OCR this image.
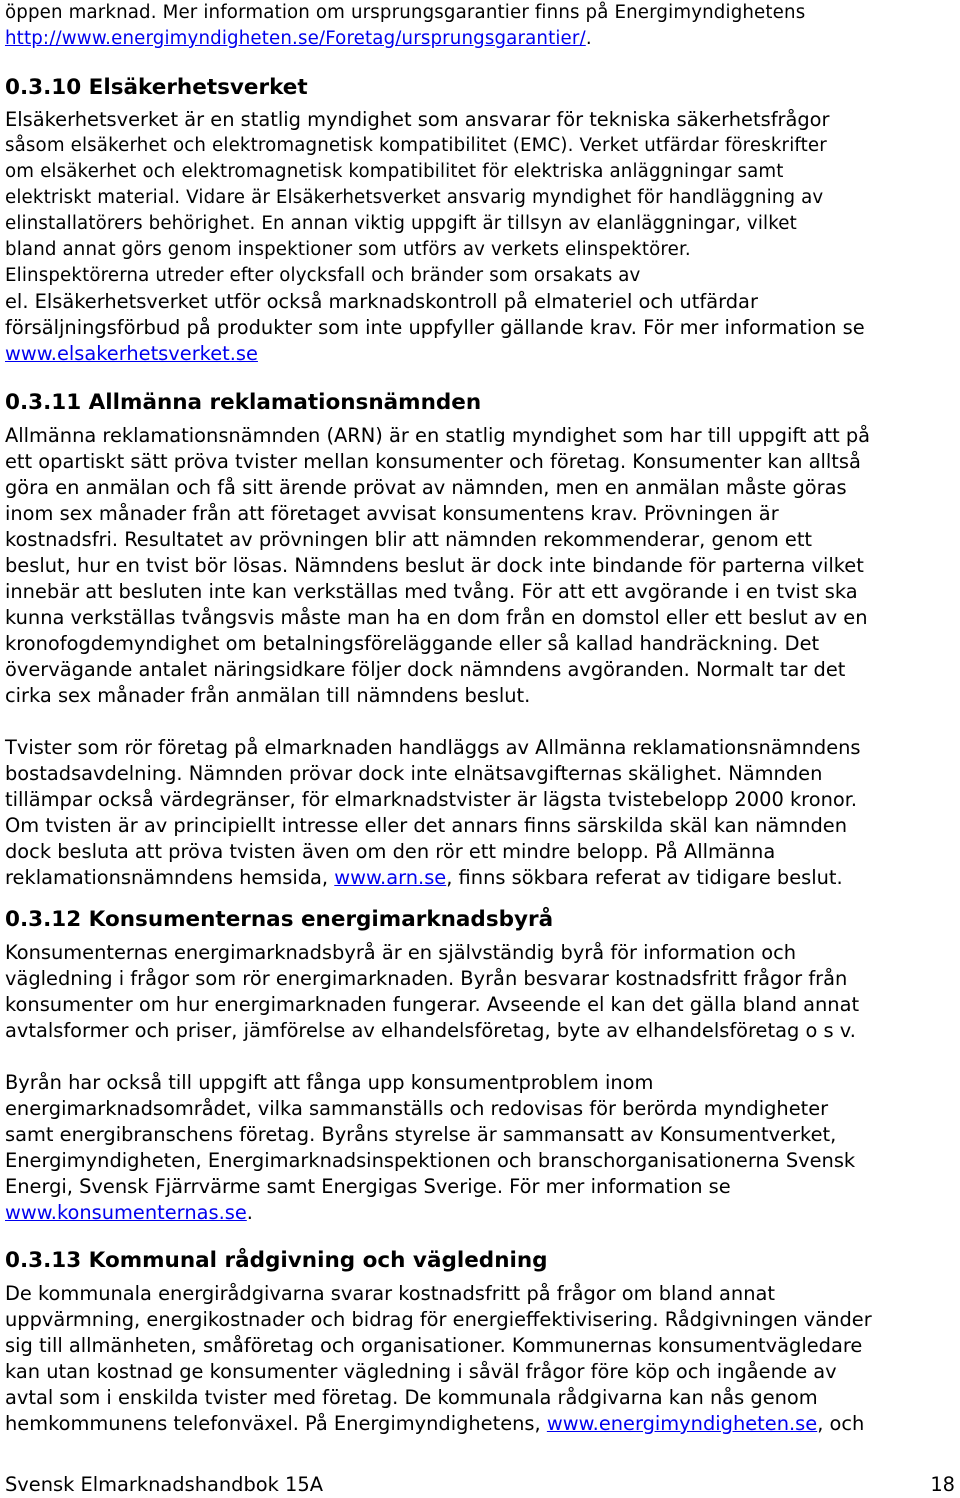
öppen marknad. Mer information om ursprungsgarantier finns på Energimyndighetens

http://www.energimyndigheten.se/Foretag/ursprungsgarantier/.

0.3.10 Elsäkerhetsverket

Elsäkerhetsverket är en statlig myndighet som ansvarar för tekniska säkerhetsfrågor

såsom elsäkerhet och elektromagnetisk kompatibilitet (EMC). Verket utfärdar föreskrifter

om elsäkerhet och elektromagnetisk kompatibilitet för elektriska anläggningar samt

elektriskt material. Vidare är Elsäkerhetsverket ansvarig myndighet för handläggning av

elinstallatörers behörighet. En annan viktig uppgift är tillsyn av elanläggningar, vilket

bland annat görs genom inspektioner som utförs av verkets elinspektörer.

Elinspektörerna utreder efter olycksfall och bränder som orsakats av

el. Elsäkerhetsverket utför också marknadskontroll på elmateriel och utfärdar

försäljningsförbud på produkter som inte uppfyller gällande krav. För mer information se

www.elsakerhetsverket.se

0.3.11 Allmänna reklamationsnämnden

Allmänna reklamationsnämnden (ARN) är en statlig myndighet som har till uppgift att på

ett opartiskt sätt pröva tvister mellan konsumenter och företag. Konsumenter kan alltså

göra en anmälan och få sitt ärende prövat av nämnden, men en anmälan måste göras

inom sex månader från att företaget avvisat konsumentens krav. Prövningen är

kostnadsfri. Resultatet av prövningen blir att nämnden rekommenderar, genom ett

beslut, hur en tvist bör lösas. Nämndens beslut är dock inte bindande för parterna vilket

innebär att besluten inte kan verkställas med tvång. För att ett avgörande i en tvist ska

kunna verkställas tvångsvis måste man ha en dom från en domstol eller ett beslut av en

kronofogdemyndighet om betalningsföreläggande eller så kallad handräckning. Det

övervägande antalet näringsidkare följer dock nämndens avgöranden. Normalt tar det

cirka sex månader från anmälan till nämndens beslut.

Tvister som rör företag på elmarknaden handläggs av Allmänna reklamationsnämndens

bostadsavdelning. Nämnden prövar dock inte elnätsavgifternas skälighet. Nämnden

tillämpar också värdegränser, för elmarknadstvister är lägsta tvistebelopp 2000 kronor.

Om tvisten är av principiellt intresse eller det annars finns särskilda skäl kan nämnden

dock besluta att pröva tvisten även om den rör ett mindre belopp. På Allmänna

reklamationsnämndens hemsida, www.arn.se, finns sökbara referat av tidigare beslut.

0.3.12 Konsumenternas energimarknadsbyrå

Konsumenternas energimarknadsbyrå är en självständig byrå för information och

vägledning i frågor som rör energimarknaden. Byrån besvarar kostnadsfritt frågor från

konsumenter om hur energimarknaden fungerar. Avseende el kan det gälla bland annat

avtalsformer och priser, jämförelse av elhandelsföretag, byte av elhandelsföretag o s v.

Byrån har också till uppgift att fånga upp konsumentproblem inom

energimarknadsområdet, vilka sammanställs och redovisas för berörda myndigheter

samt energibranschens företag. Byråns styrelse är sammansatt av Konsumentverket,

Energimyndigheten, Energimarknadsinspektionen och branschorganisationerna Svensk

Energi, Svensk Fjärrvärme samt Energigas Sverige. För mer information se

www.konsumenternas.se.

0.3.13 Kommunal rådgivning och vägledning

De kommunala energirådgivarna svarar kostnadsfritt på frågor om bland annat

uppvärmning, energikostnader och bidrag för energieffektivisering. Rådgivningen vänder

sig till allmänheten, småföretag och organisationer. Kommunernas konsumentvägledare

kan utan kostnad ge konsumenter vägledning i såväl frågor före köp och ingående av

avtal som i enskilda tvister med företag. De kommunala rådgivarna kan nås genom

hemkommunens telefonväxel. På Energimyndighetens, www.energimyndigheten.se, och

Svensk Elmarknadshandbok 15A	18
